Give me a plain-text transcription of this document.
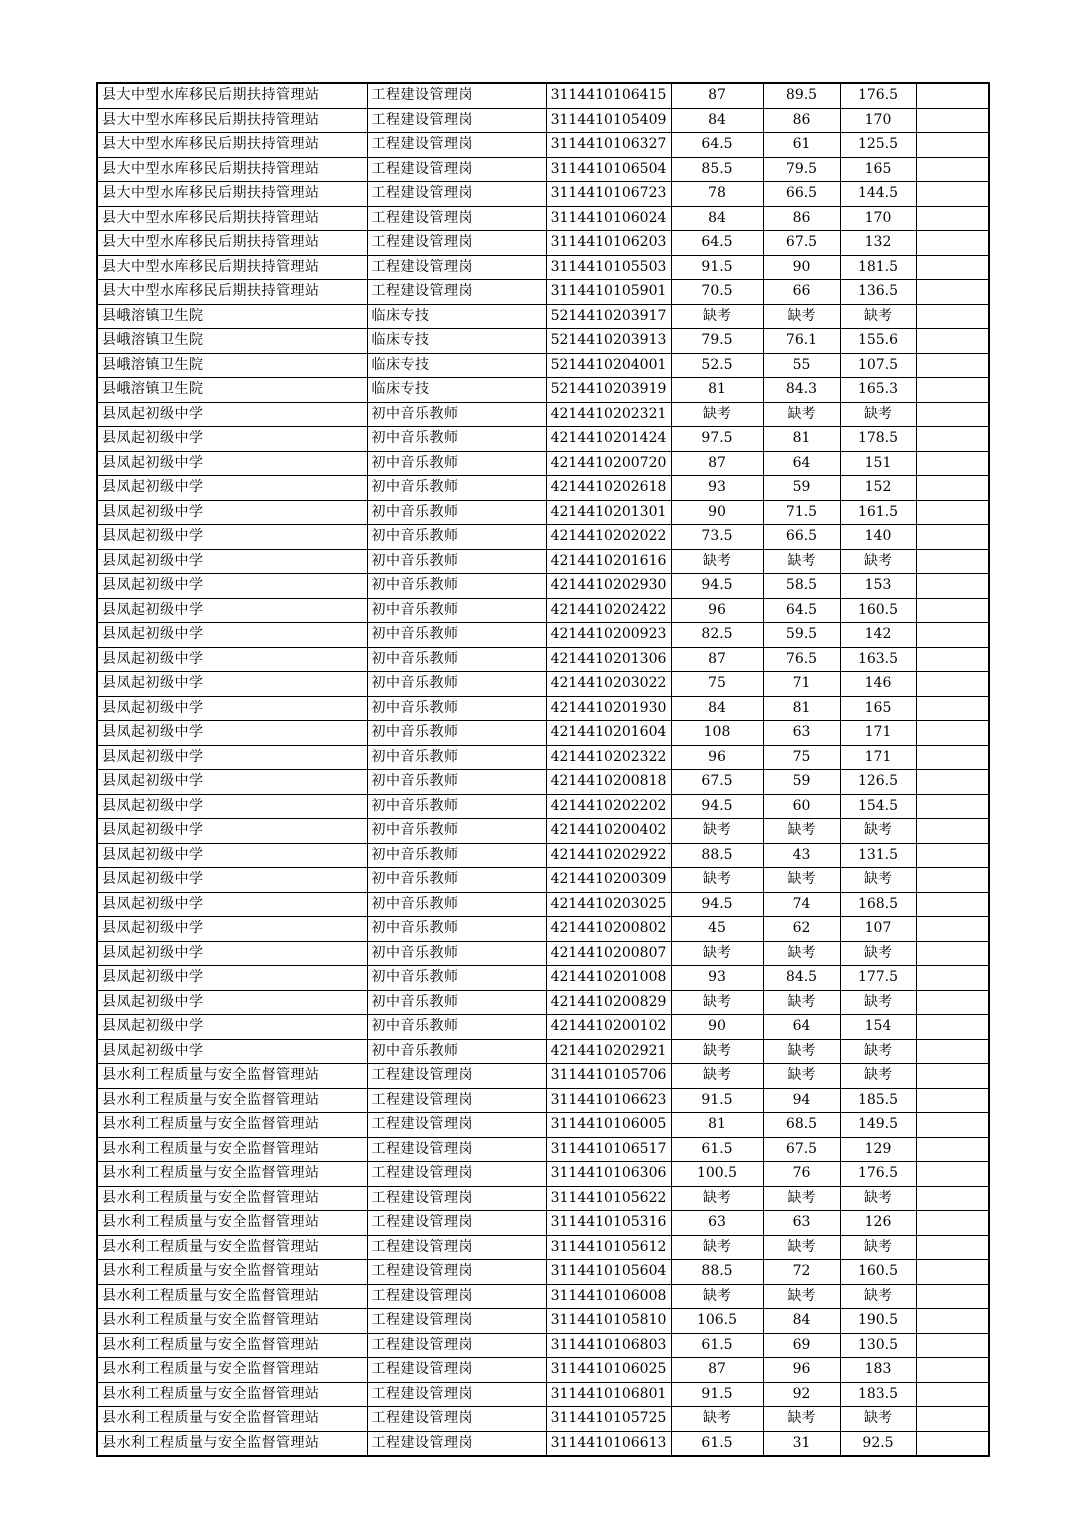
县大中型水库移民后期扶持管理站	工程建设管理岗	3114410106415	87	89.5	176.5	
县大中型水库移民后期扶持管理站	工程建设管理岗	3114410105409	84	86	170	
县大中型水库移民后期扶持管理站	工程建设管理岗	3114410106327	64.5	61	125.5	
县大中型水库移民后期扶持管理站	工程建设管理岗	3114410106504	85.5	79.5	165	
县大中型水库移民后期扶持管理站	工程建设管理岗	3114410106723	78	66.5	144.5	
县大中型水库移民后期扶持管理站	工程建设管理岗	3114410106024	84	86	170	
县大中型水库移民后期扶持管理站	工程建设管理岗	3114410106203	64.5	67.5	132	
县大中型水库移民后期扶持管理站	工程建设管理岗	3114410105503	91.5	90	181.5	
县大中型水库移民后期扶持管理站	工程建设管理岗	3114410105901	70.5	66	136.5	
县峨溶镇卫生院	临床专技	5214410203917	缺考	缺考	缺考	
县峨溶镇卫生院	临床专技	5214410203913	79.5	76.1	155.6	
县峨溶镇卫生院	临床专技	5214410204001	52.5	55	107.5	
县峨溶镇卫生院	临床专技	5214410203919	81	84.3	165.3	
县凤起初级中学	初中音乐教师	4214410202321	缺考	缺考	缺考	
县凤起初级中学	初中音乐教师	4214410201424	97.5	81	178.5	
县凤起初级中学	初中音乐教师	4214410200720	87	64	151	
县凤起初级中学	初中音乐教师	4214410202618	93	59	152	
县凤起初级中学	初中音乐教师	4214410201301	90	71.5	161.5	
县凤起初级中学	初中音乐教师	4214410202022	73.5	66.5	140	
县凤起初级中学	初中音乐教师	4214410201616	缺考	缺考	缺考	
县凤起初级中学	初中音乐教师	4214410202930	94.5	58.5	153	
县凤起初级中学	初中音乐教师	4214410202422	96	64.5	160.5	
县凤起初级中学	初中音乐教师	4214410200923	82.5	59.5	142	
县凤起初级中学	初中音乐教师	4214410201306	87	76.5	163.5	
县凤起初级中学	初中音乐教师	4214410203022	75	71	146	
县凤起初级中学	初中音乐教师	4214410201930	84	81	165	
县凤起初级中学	初中音乐教师	4214410201604	108	63	171	
县凤起初级中学	初中音乐教师	4214410202322	96	75	171	
县凤起初级中学	初中音乐教师	4214410200818	67.5	59	126.5	
县凤起初级中学	初中音乐教师	4214410202202	94.5	60	154.5	
县凤起初级中学	初中音乐教师	4214410200402	缺考	缺考	缺考	
县凤起初级中学	初中音乐教师	4214410202922	88.5	43	131.5	
县凤起初级中学	初中音乐教师	4214410200309	缺考	缺考	缺考	
县凤起初级中学	初中音乐教师	4214410203025	94.5	74	168.5	
县凤起初级中学	初中音乐教师	4214410200802	45	62	107	
县凤起初级中学	初中音乐教师	4214410200807	缺考	缺考	缺考	
县凤起初级中学	初中音乐教师	4214410201008	93	84.5	177.5	
县凤起初级中学	初中音乐教师	4214410200829	缺考	缺考	缺考	
县凤起初级中学	初中音乐教师	4214410200102	90	64	154	
县凤起初级中学	初中音乐教师	4214410202921	缺考	缺考	缺考	
县水利工程质量与安全监督管理站	工程建设管理岗	3114410105706	缺考	缺考	缺考	
县水利工程质量与安全监督管理站	工程建设管理岗	3114410106623	91.5	94	185.5	
县水利工程质量与安全监督管理站	工程建设管理岗	3114410106005	81	68.5	149.5	
县水利工程质量与安全监督管理站	工程建设管理岗	3114410106517	61.5	67.5	129	
县水利工程质量与安全监督管理站	工程建设管理岗	3114410106306	100.5	76	176.5	
县水利工程质量与安全监督管理站	工程建设管理岗	3114410105622	缺考	缺考	缺考	
县水利工程质量与安全监督管理站	工程建设管理岗	3114410105316	63	63	126	
县水利工程质量与安全监督管理站	工程建设管理岗	3114410105612	缺考	缺考	缺考	
县水利工程质量与安全监督管理站	工程建设管理岗	3114410105604	88.5	72	160.5	
县水利工程质量与安全监督管理站	工程建设管理岗	3114410106008	缺考	缺考	缺考	
县水利工程质量与安全监督管理站	工程建设管理岗	3114410105810	106.5	84	190.5	
县水利工程质量与安全监督管理站	工程建设管理岗	3114410106803	61.5	69	130.5	
县水利工程质量与安全监督管理站	工程建设管理岗	3114410106025	87	96	183	
县水利工程质量与安全监督管理站	工程建设管理岗	3114410106801	91.5	92	183.5	
县水利工程质量与安全监督管理站	工程建设管理岗	3114410105725	缺考	缺考	缺考	
县水利工程质量与安全监督管理站	工程建设管理岗	3114410106613	61.5	31	92.5	
